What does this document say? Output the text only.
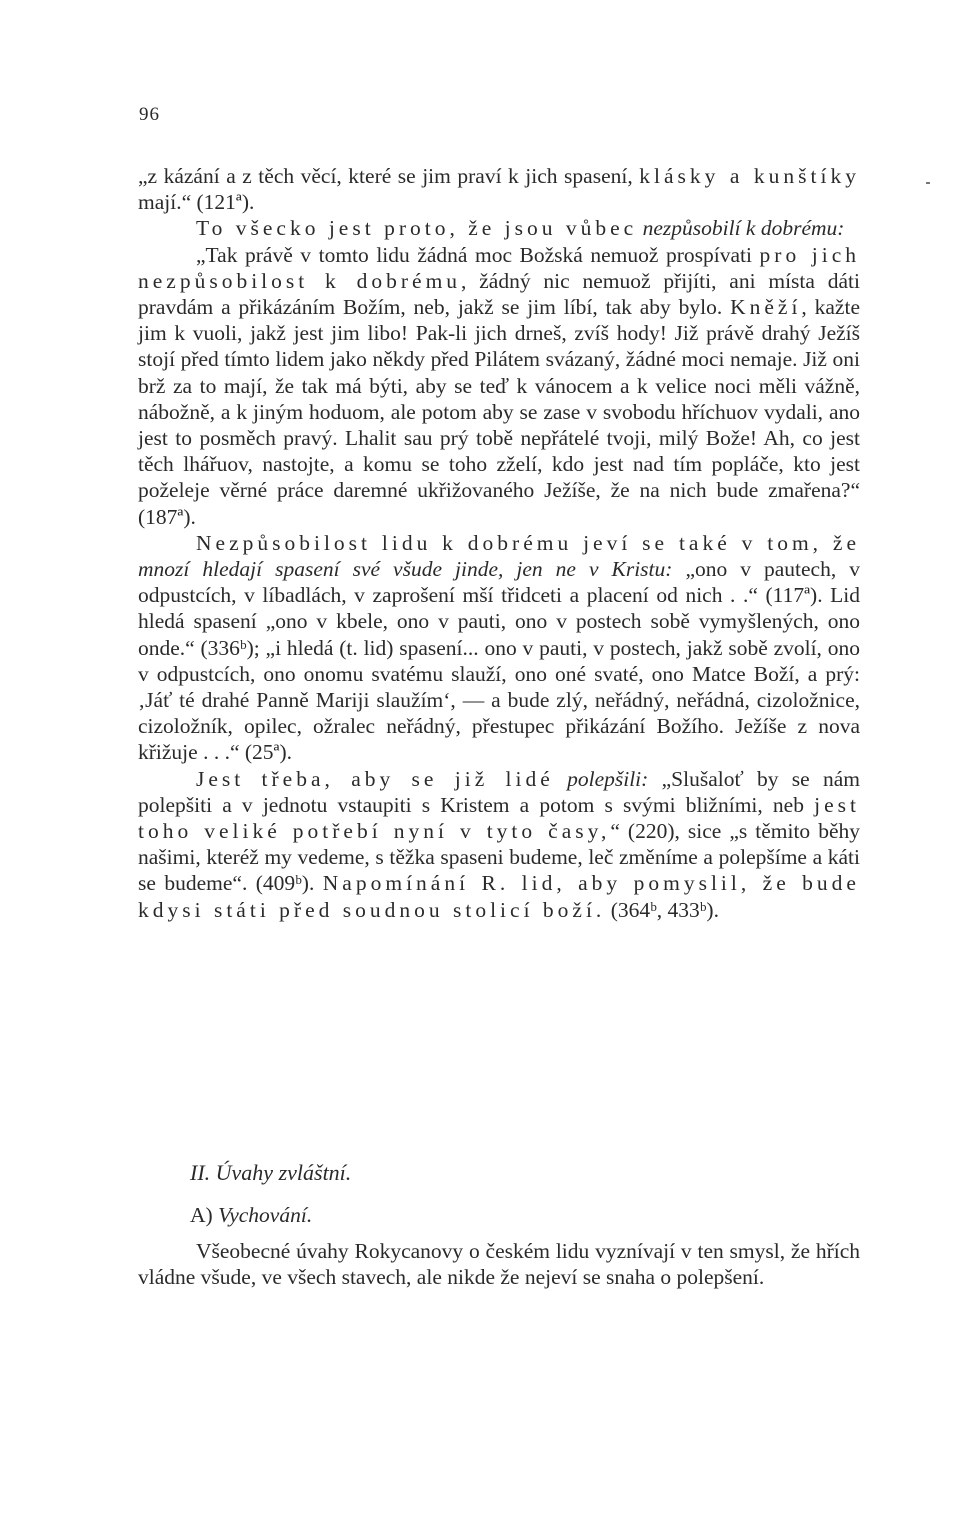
96

„z kázání a z těch věcí, které se jim praví k jich spasení, klásky a kunštíky mají.“ (121ª).

To všecko jest proto, že jsou vůbec nezpůsobilí k dobrému:

„Tak právě v tomto lidu žádná moc Božská nemuož prospívati pro jich nezpůsobilost k dobrému, žádný nic nemuož přijíti, ani místa dáti pravdám a přikázáním Božím, neb, jakž se jim líbí, tak aby bylo. Kněží, kažte jim k vuoli, jakž jest jim libo! Pak-li jich drneš, zvíš hody! Již právě drahý Ježíš stojí před tímto lidem jako někdy před Pilátem svázaný, žádné moci nemaje. Již oni brž za to mají, že tak má býti, aby se teď k vánocem a k velice noci měli vážně, nábožně, a k jiným hoduom, ale potom aby se zase v svobodu hříchuov vydali, ano jest to posměch pravý. Lhalit sau prý tobě nepřátelé tvoji, milý Bože! Ah, co jest těch lhářuov, nastojte, a komu se toho zželí, kdo jest nad tím popláče, kto jest poželeje věrné práce daremné ukřižovaného Ježíše, že na nich bude zmařena?“ (187ª).

Nezpůsobilost lidu k dobrému jeví se také v tom, že mnozí hledají spasení své všude jinde, jen ne v Kristu: „ono v pautech, v odpustcích, v líbadlách, v zaprošení mší třidceti a placení od nich . .“ (117ª). Lid hledá spasení „ono v kbele, ono v pauti, ono v postech sobě vymyšlených, ono onde.“ (336ᵇ); „i hledá (t. lid) spasení... ono v pauti, v postech, jakž sobě zvolí, ono v odpustcích, ono onomu svatému slauží, ono oné svaté, ono Matce Boží, a prý: ‚Jáť té drahé Panně Mariji slaužím‘, — a bude zlý, neřádný, neřádná, cizoložnice, cizoložník, opilec, ožralec neřádný, přestupec přikázání Božího. Ježíše z nova křižuje . . .“ (25ª).

Jest třeba, aby se již lidé polepšili: „Slušaloť by se nám polepšiti a v jednotu vstaupiti s Kristem a potom s svými bližními, neb jest toho veliké potřebí nyní v tyto časy,“ (220), sice „s těmito běhy našimi, kteréž my vedeme, s těžka spaseni budeme, leč změníme a polepšíme a káti se budeme“. (409ᵇ). Napomínání R. lid, aby pomyslil, že bude kdysi státi před soudnou stolicí boží. (364ᵇ, 433ᵇ).

II. Úvahy zvláštní.
A) Vychování.

Všeobecné úvahy Rokycanovy o českém lidu vyznívají v ten smysl, že hřích vládne všude, ve všech stavech, ale nikde že nejeví se snaha o polepšení.
